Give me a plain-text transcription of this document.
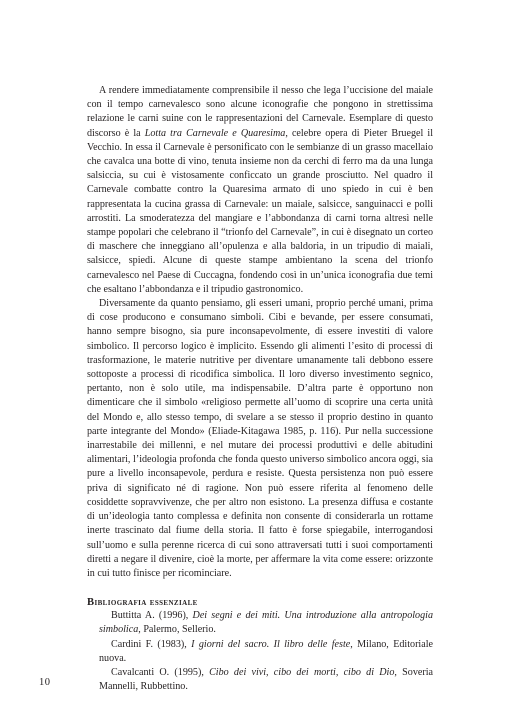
A rendere immediatamente comprensibile il nesso che lega l’uccisione del maiale con il tempo carnevalesco sono alcune iconografie che pongono in strettissima relazione le carni suine con le rappresentazioni del Carnevale. Esemplare di questo discorso è la Lotta tra Carnevale e Quaresima, celebre opera di Pieter Bruegel il Vecchio. In essa il Carnevale è personificato con le sembianze di un grasso macellaio che cavalca una botte di vino, tenuta insieme non da cerchi di ferro ma da una lunga salsiccia, su cui è vistosamente conficcato un grande prosciutto. Nel quadro il Carnevale combatte contro la Quaresima armato di uno spiedo in cui è ben rappresentata la cucina grassa di Carnevale: un maiale, salsicce, sanguinacci e polli arrostiti. La smoderatezza del mangiare e l’abbondanza di carni torna altresì nelle stampe popolari che celebrano il “trionfo del Carnevale”, in cui è disegnato un corteo di maschere che inneggiano all’opulenza e alla baldoria, in un tripudio di maiali, salsicce, spiedi. Alcune di queste stampe ambientano la scena del trionfo carnevalesco nel Paese di Cuccagna, fondendo così in un’unica iconografia due temi che esaltano l’abbondanza e il tripudio gastronomico.

Diversamente da quanto pensiamo, gli esseri umani, proprio perché umani, prima di cose producono e consumano simboli. Cibi e bevande, per essere consumati, hanno sempre bisogno, sia pure inconsapevolmente, di essere investiti di valore simbolico. Il percorso logico è implicito. Essendo gli alimenti l’esito di processi di trasformazione, le materie nutritive per diventare umanamente tali debbono essere sottoposte a processi di ricodifica simbolica. Il loro diverso investimento segnico, pertanto, non è solo utile, ma indispensabile. D’altra parte è opportuno non dimenticare che il simbolo «religioso permette all’uomo di scoprire una certa unità del Mondo e, allo stesso tempo, di svelare a se stesso il proprio destino in quanto parte integrante del Mondo» (Eliade-Kitagawa 1985, p. 116). Pur nella successione inarrestabile dei millenni, e nel mutare dei processi produttivi e delle abitudini alimentari, l’ideologia profonda che fonda questo universo simbolico ancora oggi, sia pure a livello inconsapevole, perdura e resiste. Questa persistenza non può essere priva di significato né di ragione. Non può essere riferita al fenomeno delle cosiddette sopravvivenze, che per altro non esistono. La presenza diffusa e costante di un’ideologia tanto complessa e definita non consente di considerarla un rottame inerte trascinato dal fiume della storia. Il fatto è forse spiegabile, interrogandosi sull’uomo e sulla perenne ricerca di cui sono attraversati tutti i suoi comportamenti diretti a negare il divenire, cioè la morte, per affermare la vita come essere: orizzonte in cui tutto finisce per ricominciare.

Bibliografia essenziale

Buttitta A. (1996), Dei segni e dei miti. Una introduzione alla antropologia simbolica, Palermo, Sellerio.

Cardini F. (1983), I giorni del sacro. Il libro delle feste, Milano, Editoriale nuova.

Cavalcanti O. (1995), Cibo dei vivi, cibo dei morti, cibo di Dio, Soveria Mannelli, Rubbettino.

10
